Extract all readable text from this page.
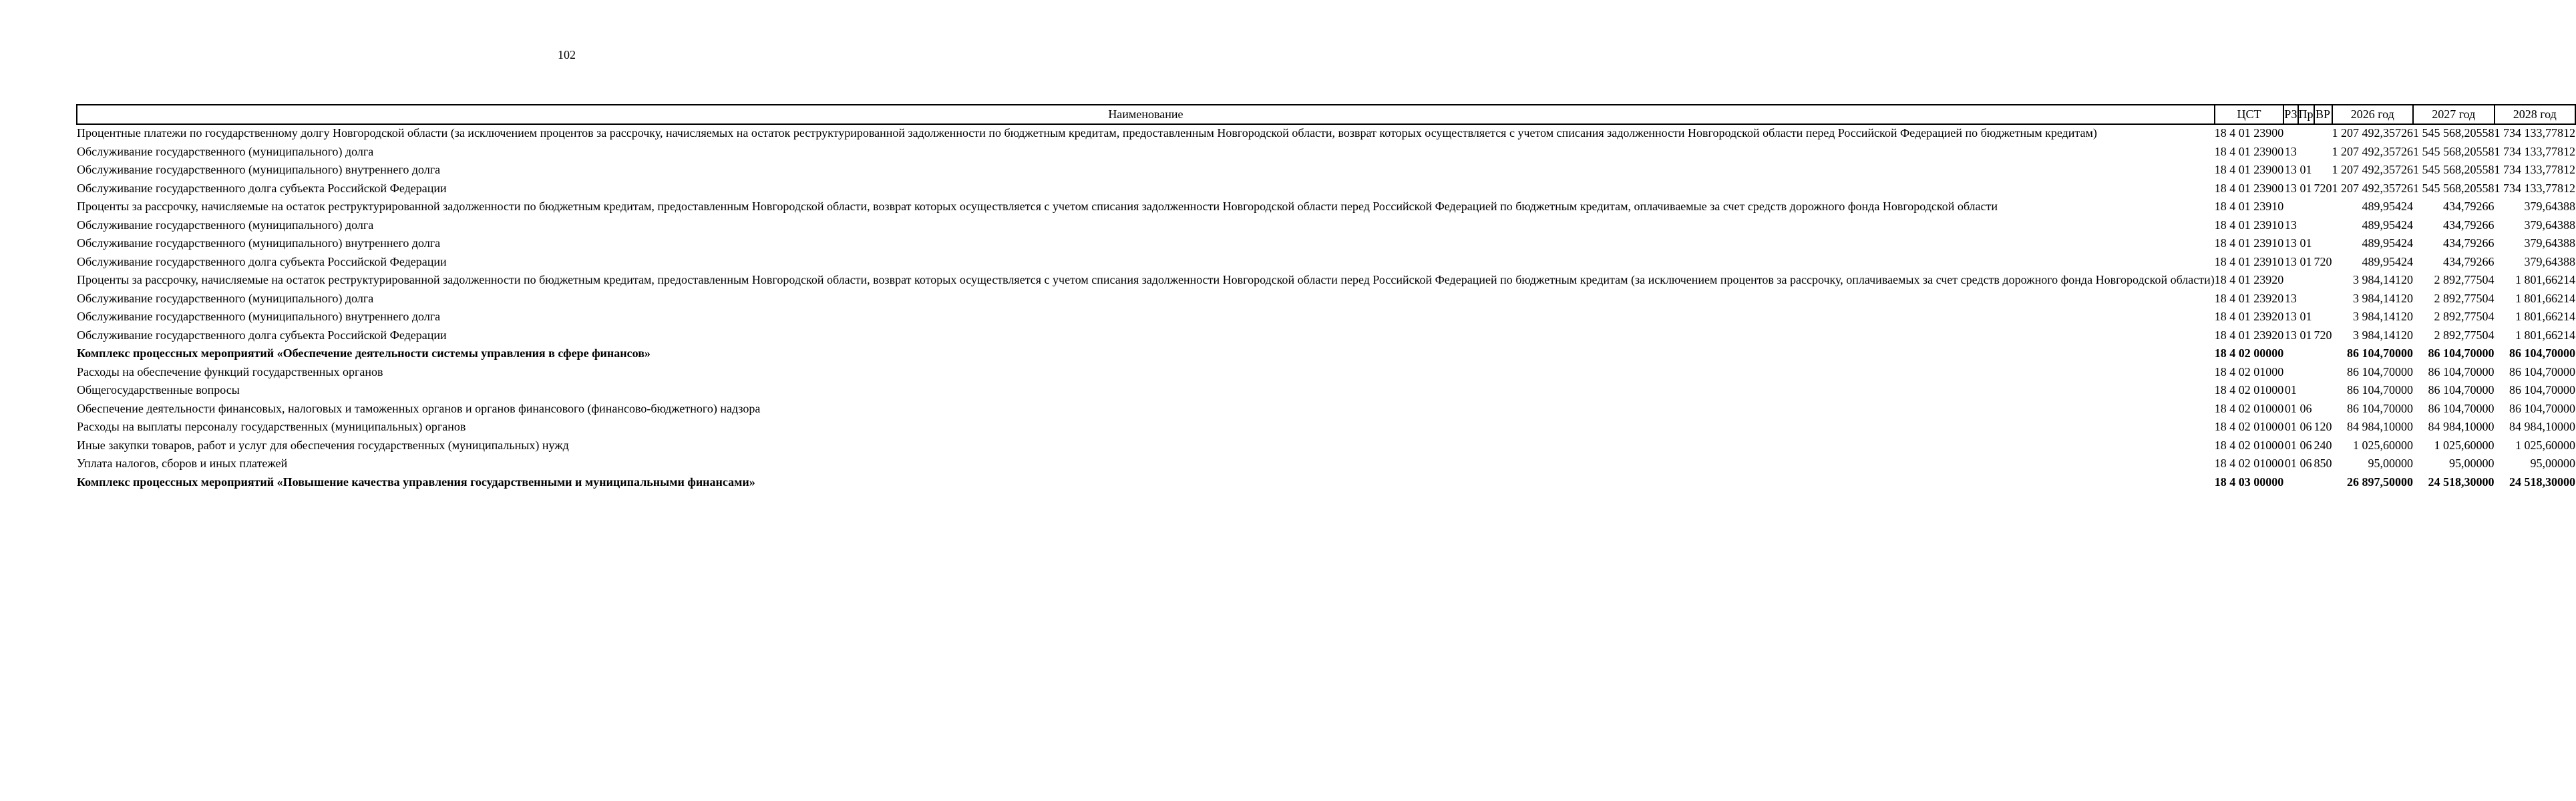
102
Наименование	ЦСТ	РЗ	Пр	ВР	2026 год	2027 год	2028 год
Процентные платежи по государственному долгу Новгородской области (за исключением процентов за рассрочку, начисляемых на остаток реструктурированной задолженности по бюджетным кредитам, предоставленным Новгородской области, возврат которых осуществляется с учетом списания задолженности Новгородской области перед Российской Федерацией по бюджетным кредитам)	18 4 01 23900				1 207 492,35726	1 545 568,20558	1 734 133,77812
Обслуживание государственного (муниципального) долга	18 4 01 23900	13			1 207 492,35726	1 545 568,20558	1 734 133,77812
Обслуживание государственного (муниципального) внутреннего долга	18 4 01 23900	13	01		1 207 492,35726	1 545 568,20558	1 734 133,77812
Обслуживание государственного долга субъекта Российской Федерации	18 4 01 23900	13	01	720	1 207 492,35726	1 545 568,20558	1 734 133,77812
Проценты за рассрочку, начисляемые на остаток реструктурированной задолженности по бюджетным кредитам, предоставленным Новгородской области, возврат которых осуществляется с учетом списания задолженности Новгородской области перед Российской Федерацией по бюджетным кредитам, оплачиваемые за счет средств дорожного фонда Новгородской области	18 4 01 23910				489,95424	434,79266	379,64388
Обслуживание государственного (муниципального) долга	18 4 01 23910	13			489,95424	434,79266	379,64388
Обслуживание государственного (муниципального) внутреннего долга	18 4 01 23910	13	01		489,95424	434,79266	379,64388
Обслуживание государственного долга субъекта Российской Федерации	18 4 01 23910	13	01	720	489,95424	434,79266	379,64388
Проценты за рассрочку, начисляемые на остаток реструктурированной задолженности по бюджетным кредитам, предоставленным Новгородской области, возврат которых осуществляется с учетом списания задолженности Новгородской области перед Российской Федерацией по бюджетным кредитам (за исключением процентов за рассрочку, оплачиваемых за счет средств дорожного фонда Новгородской области)	18 4 01 23920				3 984,14120	2 892,77504	1 801,66214
Обслуживание государственного (муниципального) долга	18 4 01 23920	13			3 984,14120	2 892,77504	1 801,66214
Обслуживание государственного (муниципального) внутреннего долга	18 4 01 23920	13	01		3 984,14120	2 892,77504	1 801,66214
Обслуживание государственного долга субъекта Российской Федерации	18 4 01 23920	13	01	720	3 984,14120	2 892,77504	1 801,66214
Комплекс процессных мероприятий «Обеспечение деятельности системы управления в сфере финансов»	18 4 02 00000				86 104,70000	86 104,70000	86 104,70000
Расходы на обеспечение функций государственных органов	18 4 02 01000				86 104,70000	86 104,70000	86 104,70000
Общегосударственные вопросы	18 4 02 01000	01			86 104,70000	86 104,70000	86 104,70000
Обеспечение деятельности финансовых, налоговых и таможенных органов и органов финансового (финансово-бюджетного) надзора	18 4 02 01000	01	06		86 104,70000	86 104,70000	86 104,70000
Расходы на выплаты персоналу государственных (муниципальных) органов	18 4 02 01000	01	06	120	84 984,10000	84 984,10000	84 984,10000
Иные закупки товаров, работ и услуг для обеспечения государственных (муниципальных) нужд	18 4 02 01000	01	06	240	1 025,60000	1 025,60000	1 025,60000
Уплата налогов, сборов и иных платежей	18 4 02 01000	01	06	850	95,00000	95,00000	95,00000
Комплекс процессных мероприятий «Повышение качества управления государственными и муниципальными финансами»	18 4 03 00000				26 897,50000	24 518,30000	24 518,30000
